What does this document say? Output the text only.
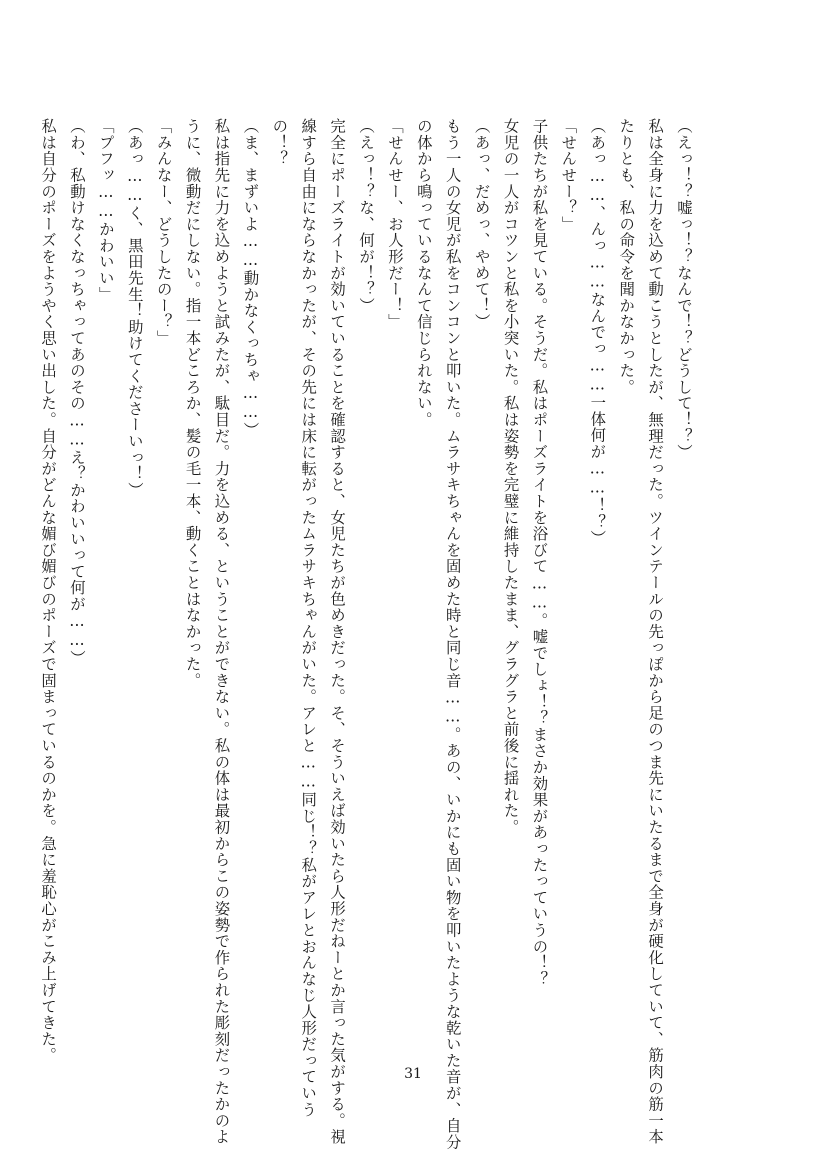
（えっ！？嘘っ！？なんで！？どうして！？）
私は全身に力を込めて動こうとしたが、無理だった。ツインテールの先っぽから足のつま先にいたるまで全身が硬化していて、筋肉の筋一本
たりとも、私の命令を聞かなかった。
（あっ……、んっ……なんでっ……一体何が……！？）
「せんせー？」
子供たちが私を見ている。そうだ。私はポーズライトを浴びて……。嘘でしょ！？まさか効果があったっていうの！？
女児の一人がコツンと私を小突いた。私は姿勢を完璧に維持したまま、グラグラと前後に揺れた。
（あっ、だめっ、やめて！）
もう一人の女児が私をコンコンと叩いた。ムラサキちゃんを固めた時と同じ音……。あの、いかにも固い物を叩いたような乾いた音が、自分
の体から鳴っているなんて信じられない。
「せんせー、お人形だー！」
（えっ！？な、何が！？）
完全にポーズライトが効いていることを確認すると、女児たちが色めきだった。そ、そういえば効いたら人形だねーとか言った気がする。視
線すら自由にならなかったが、その先には床に転がったムラサキちゃんがいた。アレと……同じ！？私がアレとおんなじ人形だっていう
の！？
（ま、まずいよ……動かなくっちゃ……）
私は指先に力を込めようと試みたが、駄目だ。力を込める、ということができない。私の体は最初からこの姿勢で作られた彫刻だったかのよ
うに、微動だにしない。指一本どころか、髪の毛一本、動くことはなかった。
「みんなー、どうしたのー？」
（あっ……く、黒田先生！助けてくださーいっ！）
「プフッ……かわいい」
（わ、私動けなくなっちゃってあのその……え？かわいいって何が……）
私は自分のポーズをようやく思い出した。自分がどんな媚び媚びのポーズで固まっているのかを。急に羞恥心がこみ上げてきた。
31
